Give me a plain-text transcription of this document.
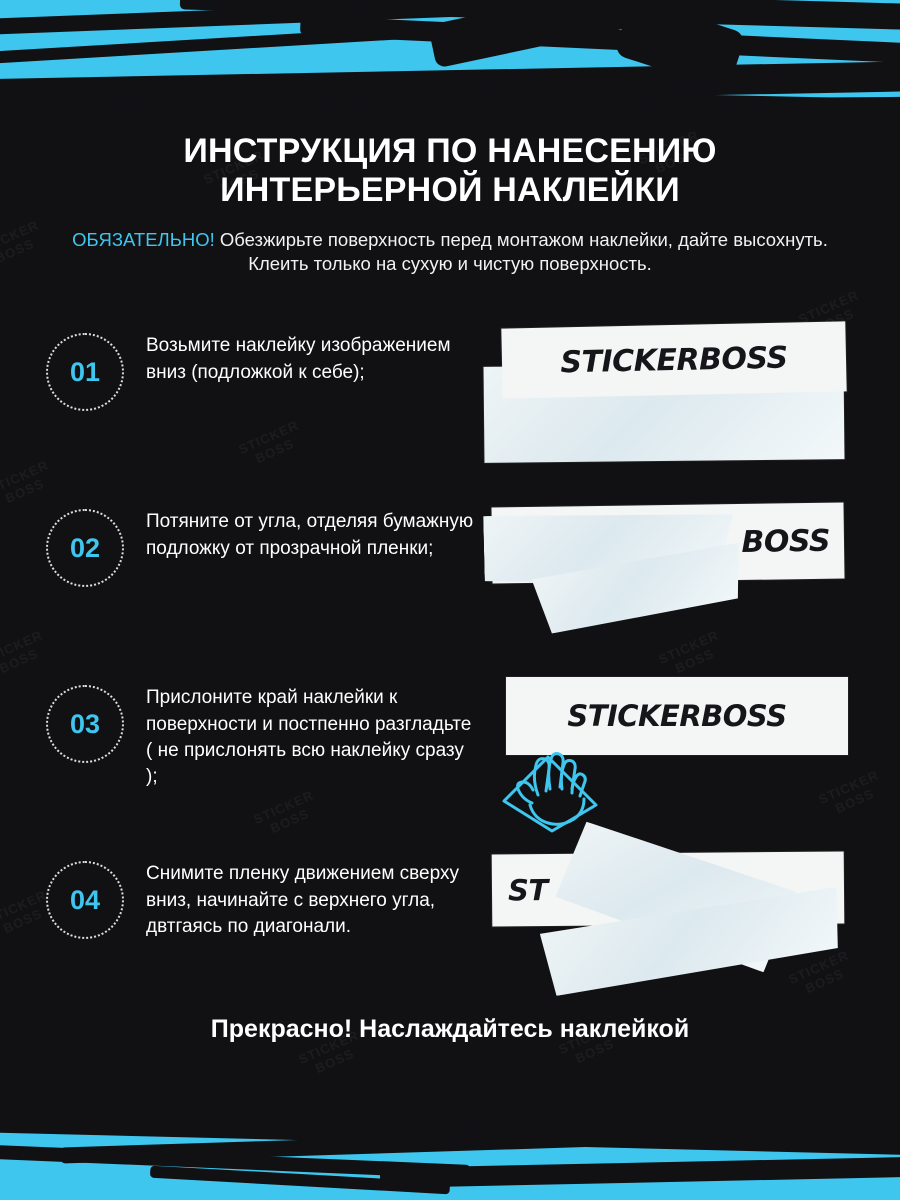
ИНСТРУКЦИЯ ПО НАНЕСЕНИЮ
ИНТЕРЬЕРНОЙ НАКЛЕЙКИ

ОБЯЗАТЕЛЬНО! Обезжирьте поверхность перед монтажом наклейки, дайте высохнуть. Клеить только на сухую и чистую поверхность.

01
Возьмите наклейку изображением вниз (подложкой к себе);	STICKERBOSS
02
Потяните от угла, отделяя бумажную подложку от прозрачной пленки;	BOSS
03
Прислоните край наклейки к поверхности и постпенно разгладьте ( не прислонять всю наклейку сразу );
STICKERBOSS
04
Снимите пленку движением сверху вниз, начинайте с верхнего угла, двтгаясь по диагонали.
ST
Прекрасно! Наслаждайтесь наклейкой
